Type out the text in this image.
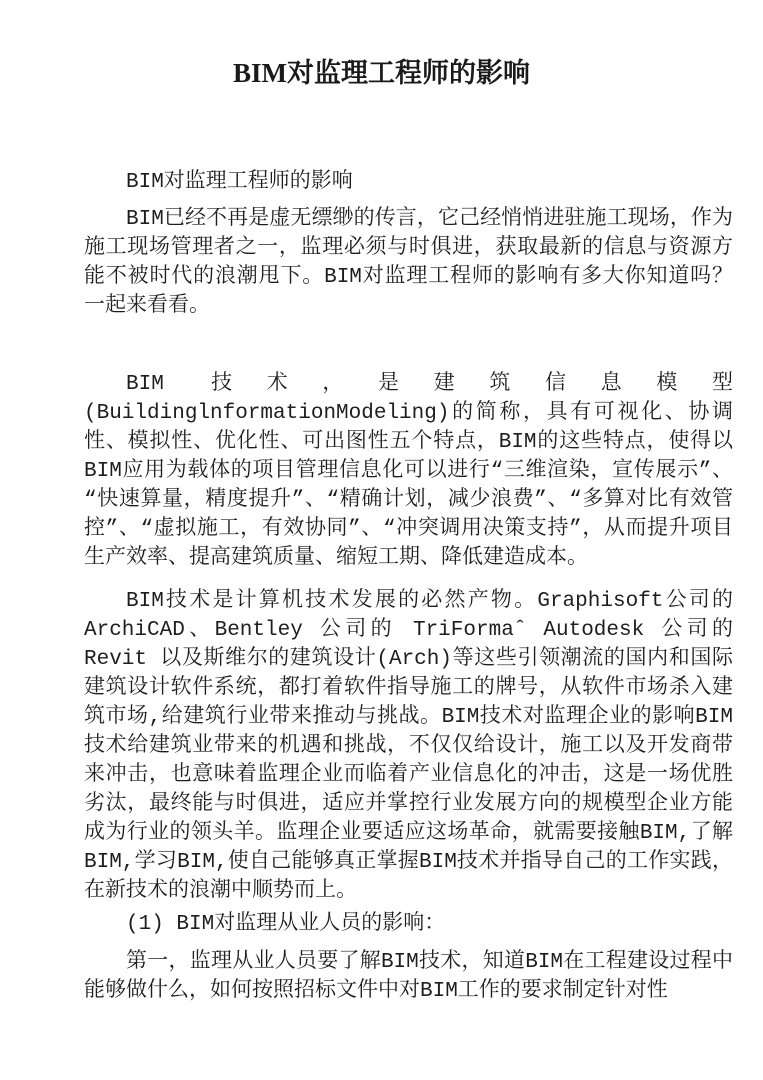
BIM对监理工程师的影响

BIM对监理工程师的影响

BIM已经不再是虚无缥缈的传言，它己经悄悄进驻施工现场，作为施工现场管理者之一，监理必须与时俱进，获取最新的信息与资源方能不被时代的浪潮甩下。BIM对监理工程师的影响有多大你知道吗？ 一起来看看。

BIM 技术，是建筑信息模型(BuildinglnformationModeling)的简称，具有可视化、协调性、模拟性、优化性、可出图性五个特点，BIM的这些特点，使得以BIM应用为载体的项目管理信息化可以进行“三维渲染，宣传展示”、“快速算量，精度提升”、“精确计划，减少浪费”、“多算对比有效管控”、“虚拟施工，有效协同”、“冲突调用决策支持”，从而提升项目生产效率、提高建筑质量、缩短工期、降低建造成本。

BIM技术是计算机技术发展的必然产物。Graphisoft公司的ArchiCAD、Bentley 公司的 TriFormaˆ Autodesk 公司的 Revit 以及斯维尔的建筑设计(Arch)等这些引领潮流的国内和国际建筑设计软件系统，都打着软件指导施工的牌号，从软件市场杀入建筑市场,给建筑行业带来推动与挑战。BIM技术对监理企业的影响BIM技术给建筑业带来的机遇和挑战，不仅仅给设计，施工以及开发商带来冲击，也意味着监理企业而临着产业信息化的冲击，这是一场优胜劣汰，最终能与时俱进，适应并掌控行业发展方向的规模型企业方能成为行业的领头羊。监理企业要适应这场革命，就需要接触BIM,了解BIM,学习BIM,使自己能够真正掌握BIM技术并指导自己的工作实践，在新技术的浪潮中顺势而上。

(1) BIM对监理从业人员的影响：

第一，监理从业人员要了解BIM技术，知道BIM在工程建设过程中能够做什么，如何按照招标文件中对BIM工作的要求制定针对性
